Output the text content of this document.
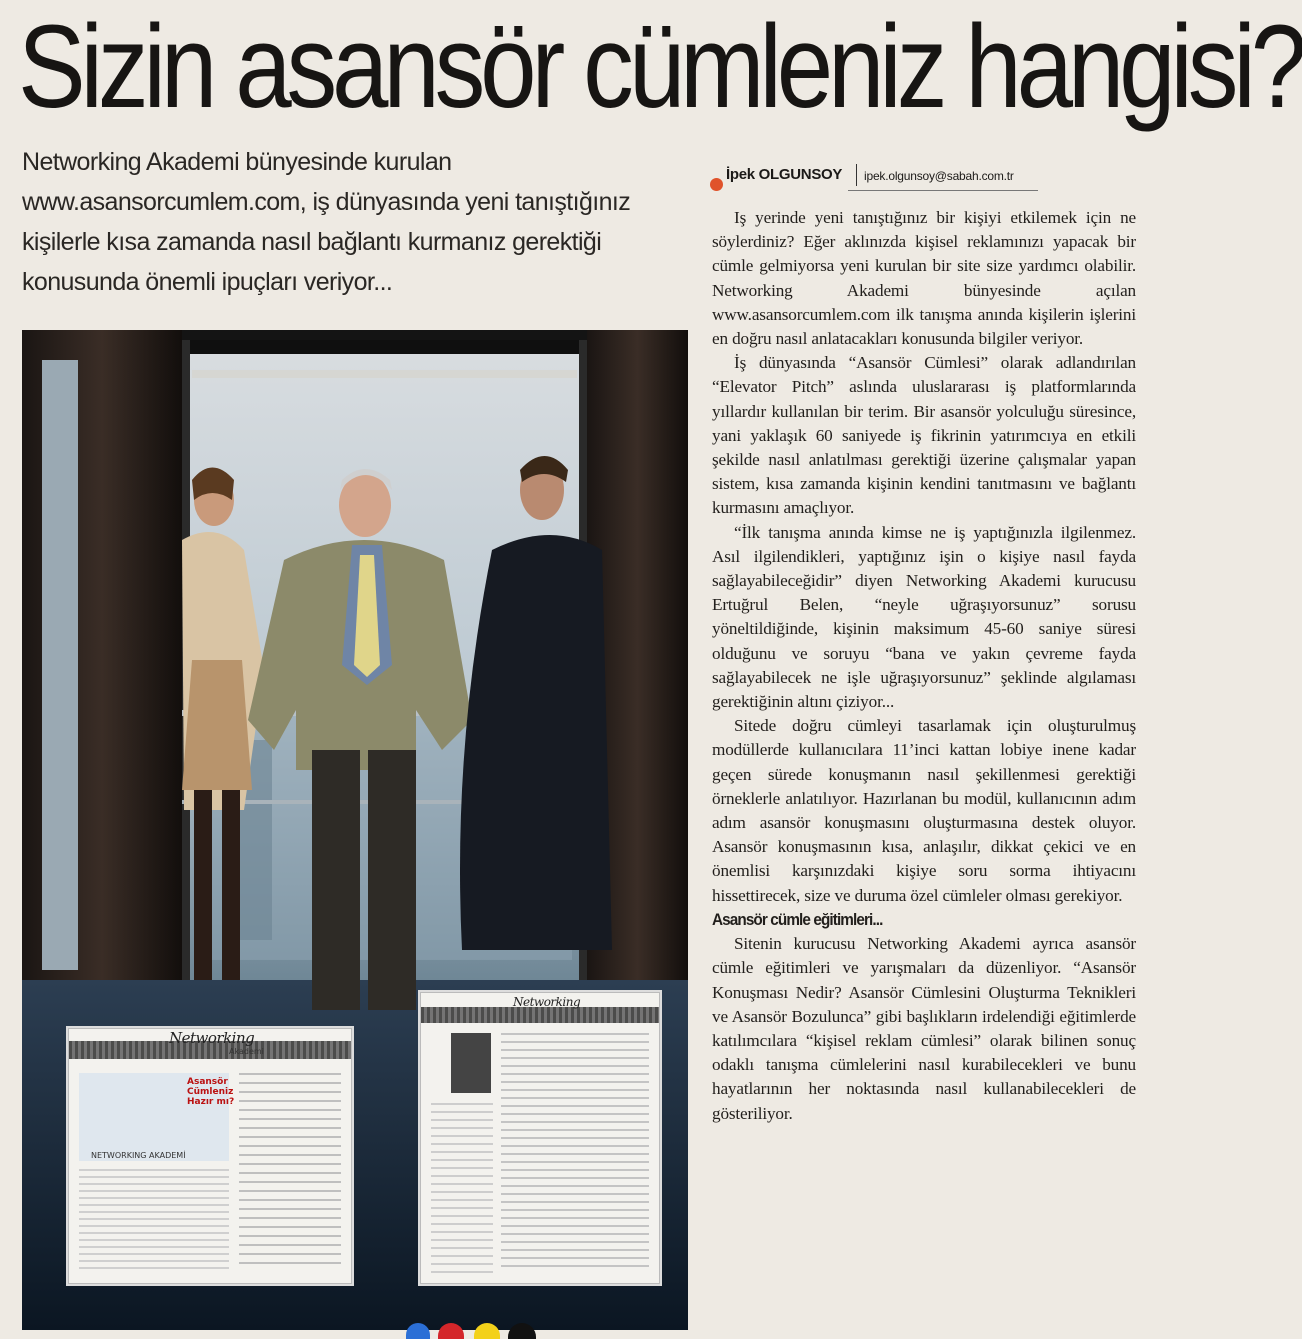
Sizin asansör cümleniz hangisi?

Networking Akademi bünyesinde kurulan

www.asansorcumlem.com, iş dünyasında yeni tanıştığınız

kişilerle kısa zamanda nasıl bağlantı kurmanız gerektiği

konusunda önemli ipuçları veriyor...

İpek OLGUNSOY ipek.olgunsoy@sabah.com.tr

Iş yerinde yeni tanıştığınız bir kişiyi etkilemek için ne söylerdiniz? Eğer aklınızda kişisel reklamınızı yapacak bir cümle gelmiyorsa yeni kurulan bir site size yardımcı olabilir. Networking Akademi bünyesinde açılan www.asansorcumlem.com ilk tanışma anında kişilerin işlerini en doğru nasıl anlatacakları konusunda bilgiler veriyor.

İş dünyasında “Asansör Cümlesi” olarak adlandırılan “Elevator Pitch” aslında uluslararası iş platformlarında yıllardır kullanılan bir terim. Bir asansör yolculuğu süresince, yani yaklaşık 60 saniyede iş fikrinin yatırımcıya en etkili şekilde nasıl anlatılması gerektiği üzerine çalışmalar yapan sistem, kısa zamanda kişinin kendini tanıtmasını ve bağlantı kurmasını amaçlıyor.

“İlk tanışma anında kimse ne iş yaptığınızla ilgilenmez. Asıl ilgilendikleri, yaptığınız işin o kişiye nasıl fayda sağlayabileceğidir” diyen Networking Akademi kurucusu Ertuğrul Belen, “neyle uğraşıyorsunuz” sorusu yöneltildiğinde, kişinin maksimum 45-60 saniye süresi olduğunu ve soruyu “bana ve yakın çevreme fayda sağlayabilecek ne işle uğraşıyorsunuz” şeklinde algılaması gerektiğinin altını çiziyor...

Sitede doğru cümleyi tasarlamak için oluşturulmuş modüllerde kullanıcılara 11’inci kattan lobiye inene kadar geçen sürede konuşmanın nasıl şekillenmesi gerektiği örneklerle anlatılıyor. Hazırlanan bu modül, kullanıcının adım adım asansör konuşmasını oluşturmasına destek oluyor. Asansör konuşmasının kısa, anlaşılır, dikkat çekici ve en önemlisi karşınızdaki kişiye soru sorma ihtiyacını hissettirecek, size ve duruma özel cümleler olması gerekiyor.

Asansör cümle eğitimleri...

Sitenin kurucusu Networking Akademi ayrıca asansör cümle eğitimleri ve yarışmaları da düzenliyor. “Asansör Konuşması Nedir? Asansör Cümlesini Oluşturma Teknikleri ve Asansör Bozulunca” gibi başlıkların irdelendiği eğitimlerde katılımcılara “kişisel reklam cümlesi” olarak bilinen sonuç odaklı tanışma cümlelerini nasıl kurabilecekleri ve bunu hayatlarının her noktasında nasıl kullanabilecekleri de gösteriliyor.

Networking
Akademi
Asansör Cümleniz Hazır mı?
NETWORKING AKADEMİ
Networking
